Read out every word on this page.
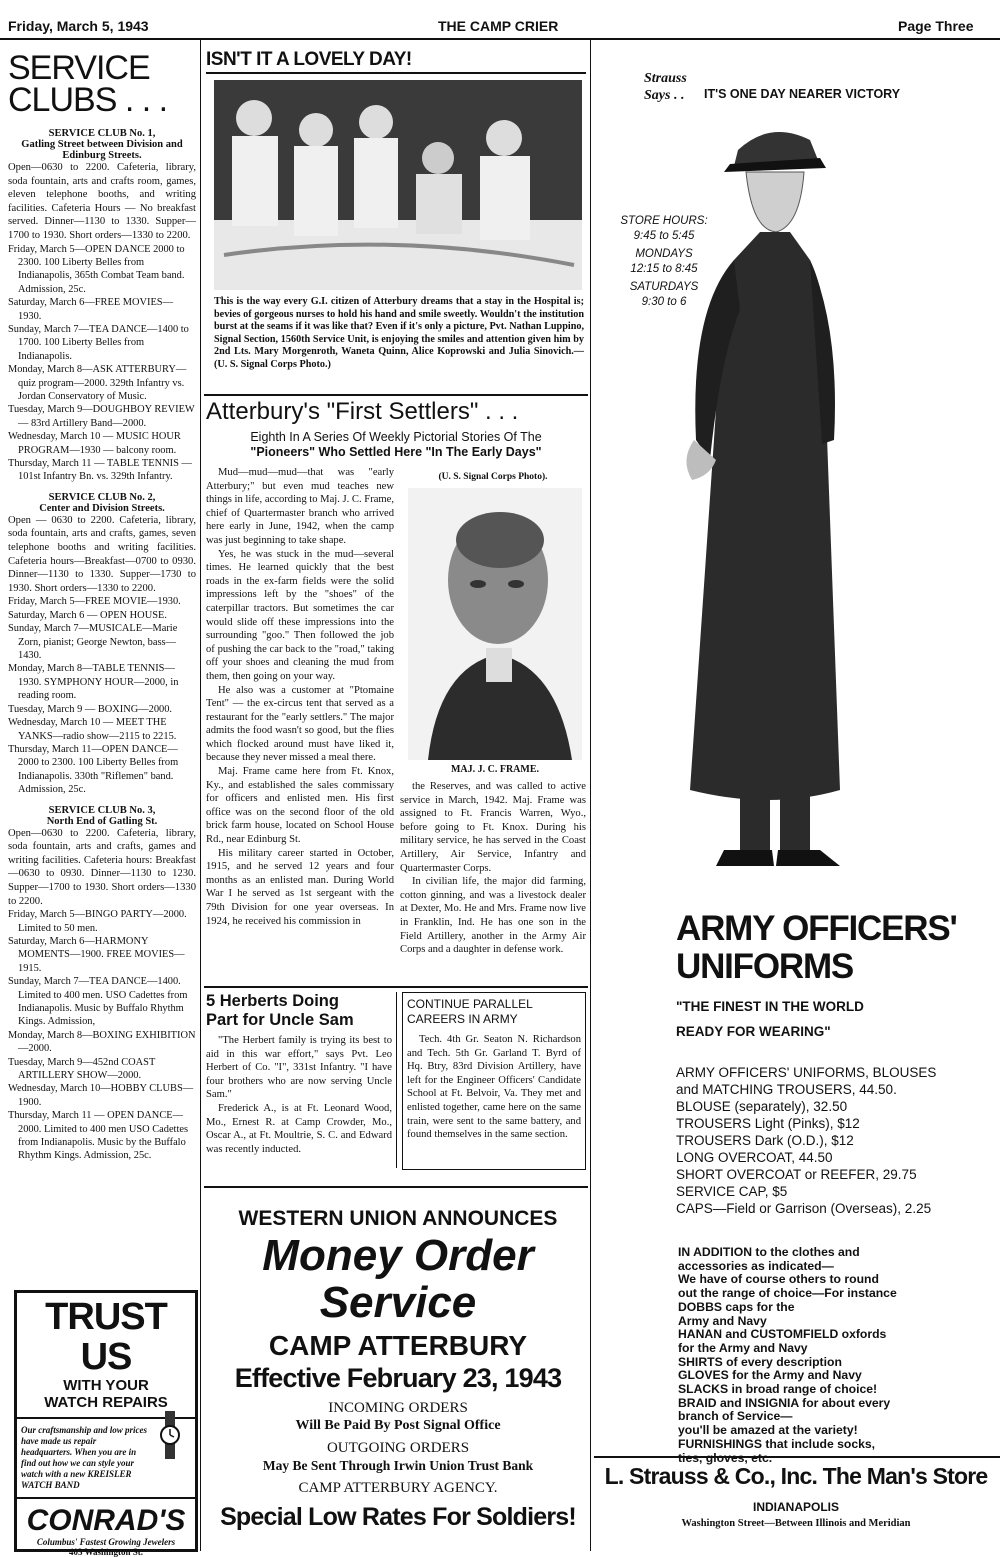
Friday, March 5, 1943	THE CAMP CRIER	Page Three
SERVICE
CLUBS . . .
SERVICE CLUB No. 1,
Gatling Street between Division and Edinburg Streets.

Open—0630 to 2200. Cafeteria, library, soda fountain, arts and crafts room, games, eleven telephone booths, and writing facilities. Cafeteria Hours — No breakfast served. Dinner—1130 to 1330. Supper—1700 to 1930. Short orders—1330 to 2200.

Friday, March 5—OPEN DANCE 2000 to 2300. 100 Liberty Belles from Indianapolis, 365th Combat Team band. Admission, 25c.

Saturday, March 6—FREE MOVIES—1930.

Sunday, March 7—TEA DANCE—1400 to 1700. 100 Liberty Belles from Indianapolis.

Monday, March 8—ASK ATTERBURY—quiz program—2000. 329th Infantry vs. Jordan Conservatory of Music.

Tuesday, March 9—DOUGHBOY REVIEW — 83rd Artillery Band—2000.

Wednesday, March 10 — MUSIC HOUR PROGRAM—1930 — balcony room.

Thursday, March 11 — TABLE TENNIS — 101st Infantry Bn. vs. 329th Infantry.

SERVICE CLUB No. 2,
Center and Division Streets.

Open — 0630 to 2200. Cafeteria, library, soda fountain, arts and crafts, games, seven telephone booths and writing facilities. Cafeteria hours—Breakfast—0700 to 0930. Dinner—1130 to 1330. Supper—1730 to 1930. Short orders—1330 to 2200.

Friday, March 5—FREE MOVIE—1930.

Saturday, March 6 — OPEN HOUSE.

Sunday, March 7—MUSICALE—Marie Zorn, pianist; George Newton, bass—1430.

Monday, March 8—TABLE TENNIS—1930. SYMPHONY HOUR—2000, in reading room.

Tuesday, March 9 — BOXING—2000.

Wednesday, March 10 — MEET THE YANKS—radio show—2115 to 2215.

Thursday, March 11—OPEN DANCE—2000 to 2300. 100 Liberty Belles from Indianapolis. 330th "Riflemen" band. Admission, 25c.

SERVICE CLUB No. 3,
North End of Gatling St.

Open—0630 to 2200. Cafeteria, library, soda fountain, arts and crafts, games and writing facilities. Cafeteria hours: Breakfast—0630 to 0930. Dinner—1130 to 1230. Supper—1700 to 1930. Short orders—1330 to 2200.

Friday, March 5—BINGO PARTY—2000. Limited to 50 men.

Saturday, March 6—HARMONY MOMENTS—1900. FREE MOVIES—1915.

Sunday, March 7—TEA DANCE—1400. Limited to 400 men. USO Cadettes from Indianapolis. Music by Buffalo Rhythm Kings. Admission,

Monday, March 8—BOXING EXHIBITION—2000.

Tuesday, March 9—452nd COAST ARTILLERY SHOW—2000.

Wednesday, March 10—HOBBY CLUBS—1900.

Thursday, March 11 — OPEN DANCE—2000. Limited to 400 men USO Cadettes from Indianapolis. Music by the Buffalo Rhythm Kings. Admission, 25c.

TRUST US
WITH YOUR
WATCH REPAIRS
Our craftsmanship and low prices have made us repair headquarters. When you are in find out how we can style your watch with a new KREISLER WATCH BAND
CONRAD'S
Columbus' Fastest Growing Jewelers
403 Washington St.
ISN'T IT A LOVELY DAY!
This is the way every G.I. citizen of Atterbury dreams that a stay in the Hospital is; bevies of gorgeous nurses to hold his hand and smile sweetly. Wouldn't the institution burst at the seams if it was like that? Even if it's only a picture, Pvt. Nathan Luppino, Signal Section, 1560th Service Unit, is enjoying the smiles and attention given him by 2nd Lts. Mary Morgenroth, Waneta Quinn, Alice Koprowski and Julia Sinovich.—(U. S. Signal Corps Photo.)
Atterbury's "First Settlers" . . .
Eighth In A Series Of Weekly Pictorial Stories Of The
"Pioneers" Who Settled Here "In The Early Days"

Mud—mud—mud—that was "early Atterbury;" but even mud teaches new things in life, according to Maj. J. C. Frame, chief of Quartermaster branch who arrived here early in June, 1942, when the camp was just beginning to take shape.

Yes, he was stuck in the mud—several times. He learned quickly that the best roads in the ex-farm fields were the solid impressions left by the "shoes" of the caterpillar tractors. But sometimes the car would slide off these impressions into the surrounding "goo." Then followed the job of pushing the car back to the "road," taking off your shoes and cleaning the mud from them, then going on your way.

He also was a customer at "Ptomaine Tent" — the ex-circus tent that served as a restaurant for the "early settlers." The major admits the food wasn't so good, but the flies which flocked around must have liked it, because they never missed a meal there.

Maj. Frame came here from Ft. Knox, Ky., and established the sales commissary for officers and enlisted men. His first office was on the second floor of the old brick farm house, located on School House Rd., near Edinburg St.

His military career started in October, 1915, and he served 12 years and four months as an enlisted man. During World War I he served as 1st sergeant with the 79th Division for one year overseas. In 1924, he received his commission in

(U. S. Signal Corps Photo).
MAJ. J. C. FRAME.

the Reserves, and was called to active service in March, 1942. Maj. Frame was assigned to Ft. Francis Warren, Wyo., before going to Ft. Knox. During his military service, he has served in the Coast Artillery, Air Service, Infantry and Quartermaster Corps.

In civilian life, the major did farming, cotton ginning, and was a livestock dealer at Dexter, Mo. He and Mrs. Frame now live in Franklin, Ind. He has one son in the Field Artillery, another in the Army Air Corps and a daughter in defense work.

5 Herberts Doing
Part for Uncle Sam

"The Herbert family is trying its best to aid in this war effort," says Pvt. Leo Herbert of Co. "I", 331st Infantry. "I have four brothers who are now serving Uncle Sam."

Frederick A., is at Ft. Leonard Wood, Mo., Ernest R. at Camp Crowder, Mo., Oscar A., at Ft. Moultrie, S. C. and Edward was recently inducted.

CONTINUE PARALLEL
CAREERS IN ARMY

Tech. 4th Gr. Seaton N. Richardson and Tech. 5th Gr. Garland T. Byrd of Hq. Btry, 83rd Division Artillery, have left for the Engineer Officers' Candidate School at Ft. Belvoir, Va. They met and enlisted together, came here on the same train, were sent to the same battery, and found themselves in the same section.

WESTERN UNION ANNOUNCES
Money Order
Service
CAMP ATTERBURY
Effective February 23, 1943
INCOMING ORDERS
Will Be Paid By Post Signal Office
OUTGOING ORDERS
May Be Sent Through Irwin Union Trust Bank
CAMP ATTERBURY AGENCY.
Special Low Rates For Soldiers!
Strauss
Says . . IT'S ONE DAY NEARER VICTORY
STORE HOURS:
9:45 to 5:45
MONDAYS
12:15 to 8:45
SATURDAYS
9:30 to 6
ARMY OFFICERS'
UNIFORMS
"THE FINEST IN THE WORLD
READY FOR WEARING"
ARMY OFFICERS' UNIFORMS, BLOUSES
and MATCHING TROUSERS, 44.50.
BLOUSE (separately), 32.50
TROUSERS Light (Pinks), $12
TROUSERS Dark (O.D.), $12
LONG OVERCOAT, 44.50
SHORT OVERCOAT or REEFER, 29.75
SERVICE CAP, $5
CAPS—Field or Garrison (Overseas), 2.25
IN ADDITION to the clothes and
accessories as indicated—
We have of course others to round
out the range of choice—For instance
DOBBS caps for the
Army and Navy
HANAN and CUSTOMFIELD oxfords
for the Army and Navy
SHIRTS of every description
GLOVES for the Army and Navy
SLACKS in broad range of choice!
BRAID and INSIGNIA for about every
branch of Service—
you'll be amazed at the variety!
FURNISHINGS that include socks,
L. Strauss & Co., Inc. The Man's Store
INDIANAPOLIS
Washington Street—Between Illinois and Meridian
